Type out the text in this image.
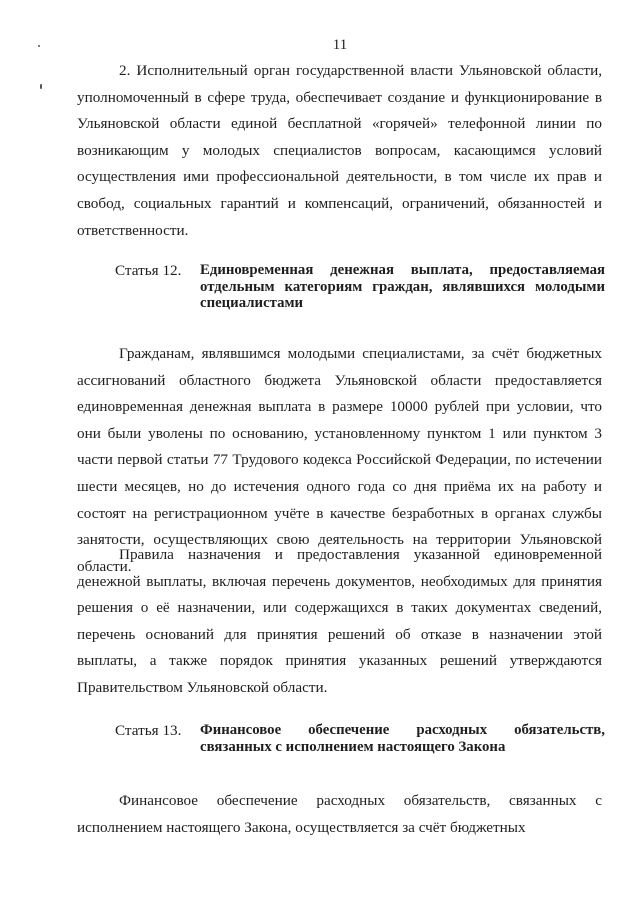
11

2. Исполнительный орган государственной власти Ульяновской области, уполномоченный в сфере труда, обеспечивает создание и функционирование в Ульяновской области единой бесплатной «горячей» телефонной линии по возникающим у молодых специалистов вопросам, касающимся условий осуществления ими профессиональной деятельности, в том числе их прав и свобод, социальных гарантий и компенсаций, ограничений, обязанностей и ответственности.

Статья 12. Единовременная денежная выплата, предоставляемая отдельным категориям граждан, являвшихся молодыми специалистами

Гражданам, являвшимся молодыми специалистами, за счёт бюджетных ассигнований областного бюджета Ульяновской области предоставляется единовременная денежная выплата в размере 10000 рублей при условии, что они были уволены по основанию, установленному пунктом 1 или пунктом 3 части первой статьи 77 Трудового кодекса Российской Федерации, по истечении шести месяцев, но до истечения одного года со дня приёма их на работу и состоят на регистрационном учёте в качестве безработных в органах службы занятости, осуществляющих свою деятельность на территории Ульяновской области.

Правила назначения и предоставления указанной единовременной денежной выплаты, включая перечень документов, необходимых для принятия решения о её назначении, или содержащихся в таких документах сведений, перечень оснований для принятия решений об отказе в назначении этой выплаты, а также порядок принятия указанных решений утверждаются Правительством Ульяновской области.

Статья 13. Финансовое обеспечение расходных обязательств, связанных с исполнением настоящего Закона

Финансовое обеспечение расходных обязательств, связанных с исполнением настоящего Закона, осуществляется за счёт бюджетных
